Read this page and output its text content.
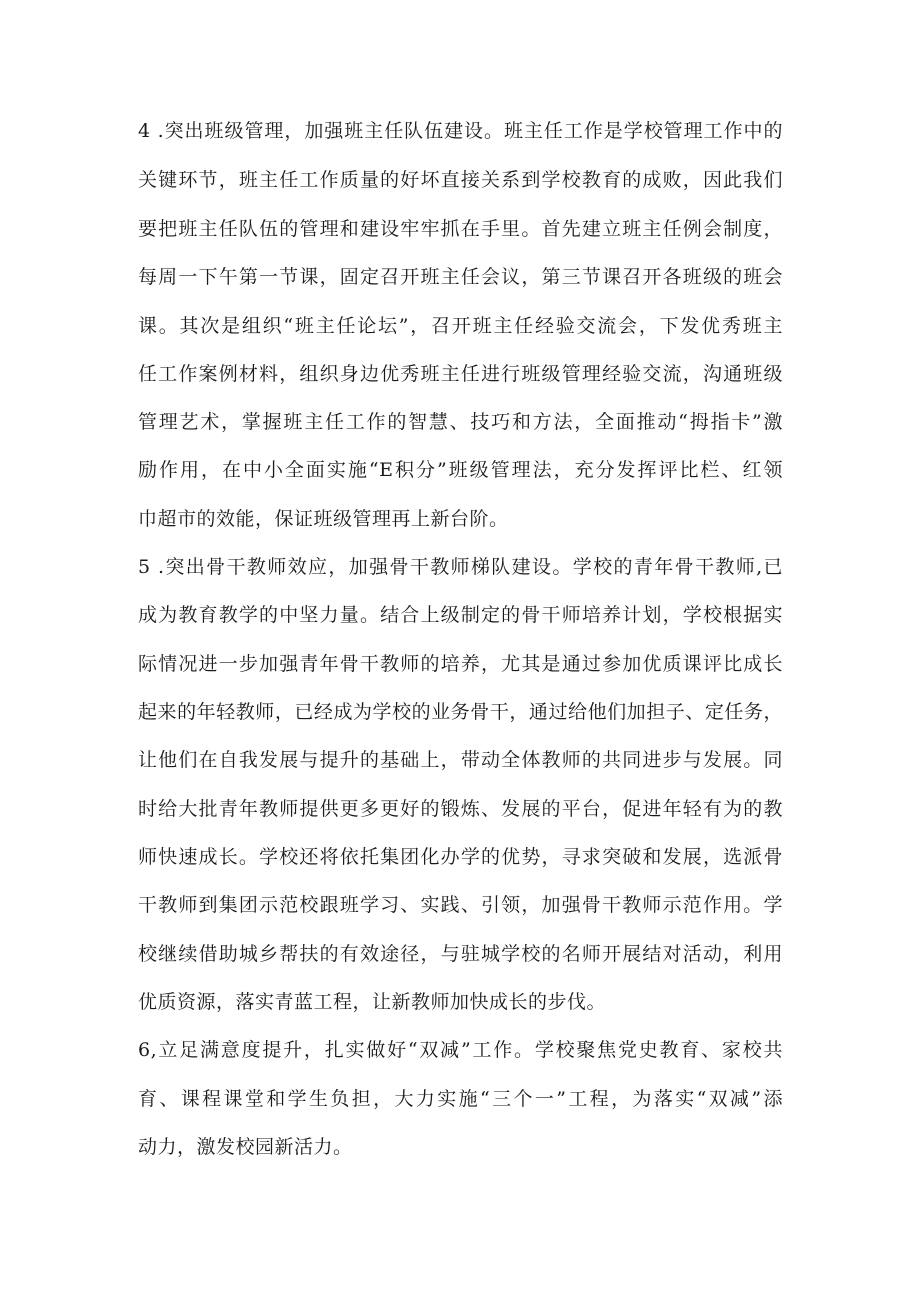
4 .突出班级管理，加强班主任队伍建设。班主任工作是学校管理工作中的
关键环节，班主任工作质量的好坏直接关系到学校教育的成败，因此我们
要把班主任队伍的管理和建设牢牢抓在手里。首先建立班主任例会制度，
每周一下午第一节课，固定召开班主任会议，第三节课召开各班级的班会
课。其次是组织“班主任论坛”，召开班主任经验交流会，下发优秀班主
任工作案例材料，组织身边优秀班主任进行班级管理经验交流，沟通班级
管理艺术，掌握班主任工作的智慧、技巧和方法，全面推动“拇指卡”激
励作用，在中小全面实施“E积分”班级管理法，充分发挥评比栏、红领
巾超市的效能，保证班级管理再上新台阶。
5 .突出骨干教师效应，加强骨干教师梯队建设。学校的青年骨干教师,已
成为教育教学的中坚力量。结合上级制定的骨干师培养计划，学校根据实
际情况进一步加强青年骨干教师的培养，尤其是通过参加优质课评比成长
起来的年轻教师，已经成为学校的业务骨干，通过给他们加担子、定任务，
让他们在自我发展与提升的基础上，带动全体教师的共同进步与发展。同
时给大批青年教师提供更多更好的锻炼、发展的平台，促进年轻有为的教
师快速成长。学校还将依托集团化办学的优势，寻求突破和发展，选派骨
干教师到集团示范校跟班学习、实践、引领，加强骨干教师示范作用。学
校继续借助城乡帮扶的有效途径，与驻城学校的名师开展结对活动，利用
优质资源，落实青蓝工程，让新教师加快成长的步伐。
6,立足满意度提升，扎实做好“双减”工作。学校聚焦党史教育、家校共
育、课程课堂和学生负担，大力实施“三个一”工程，为落实“双减”添
动力，激发校园新活力。
